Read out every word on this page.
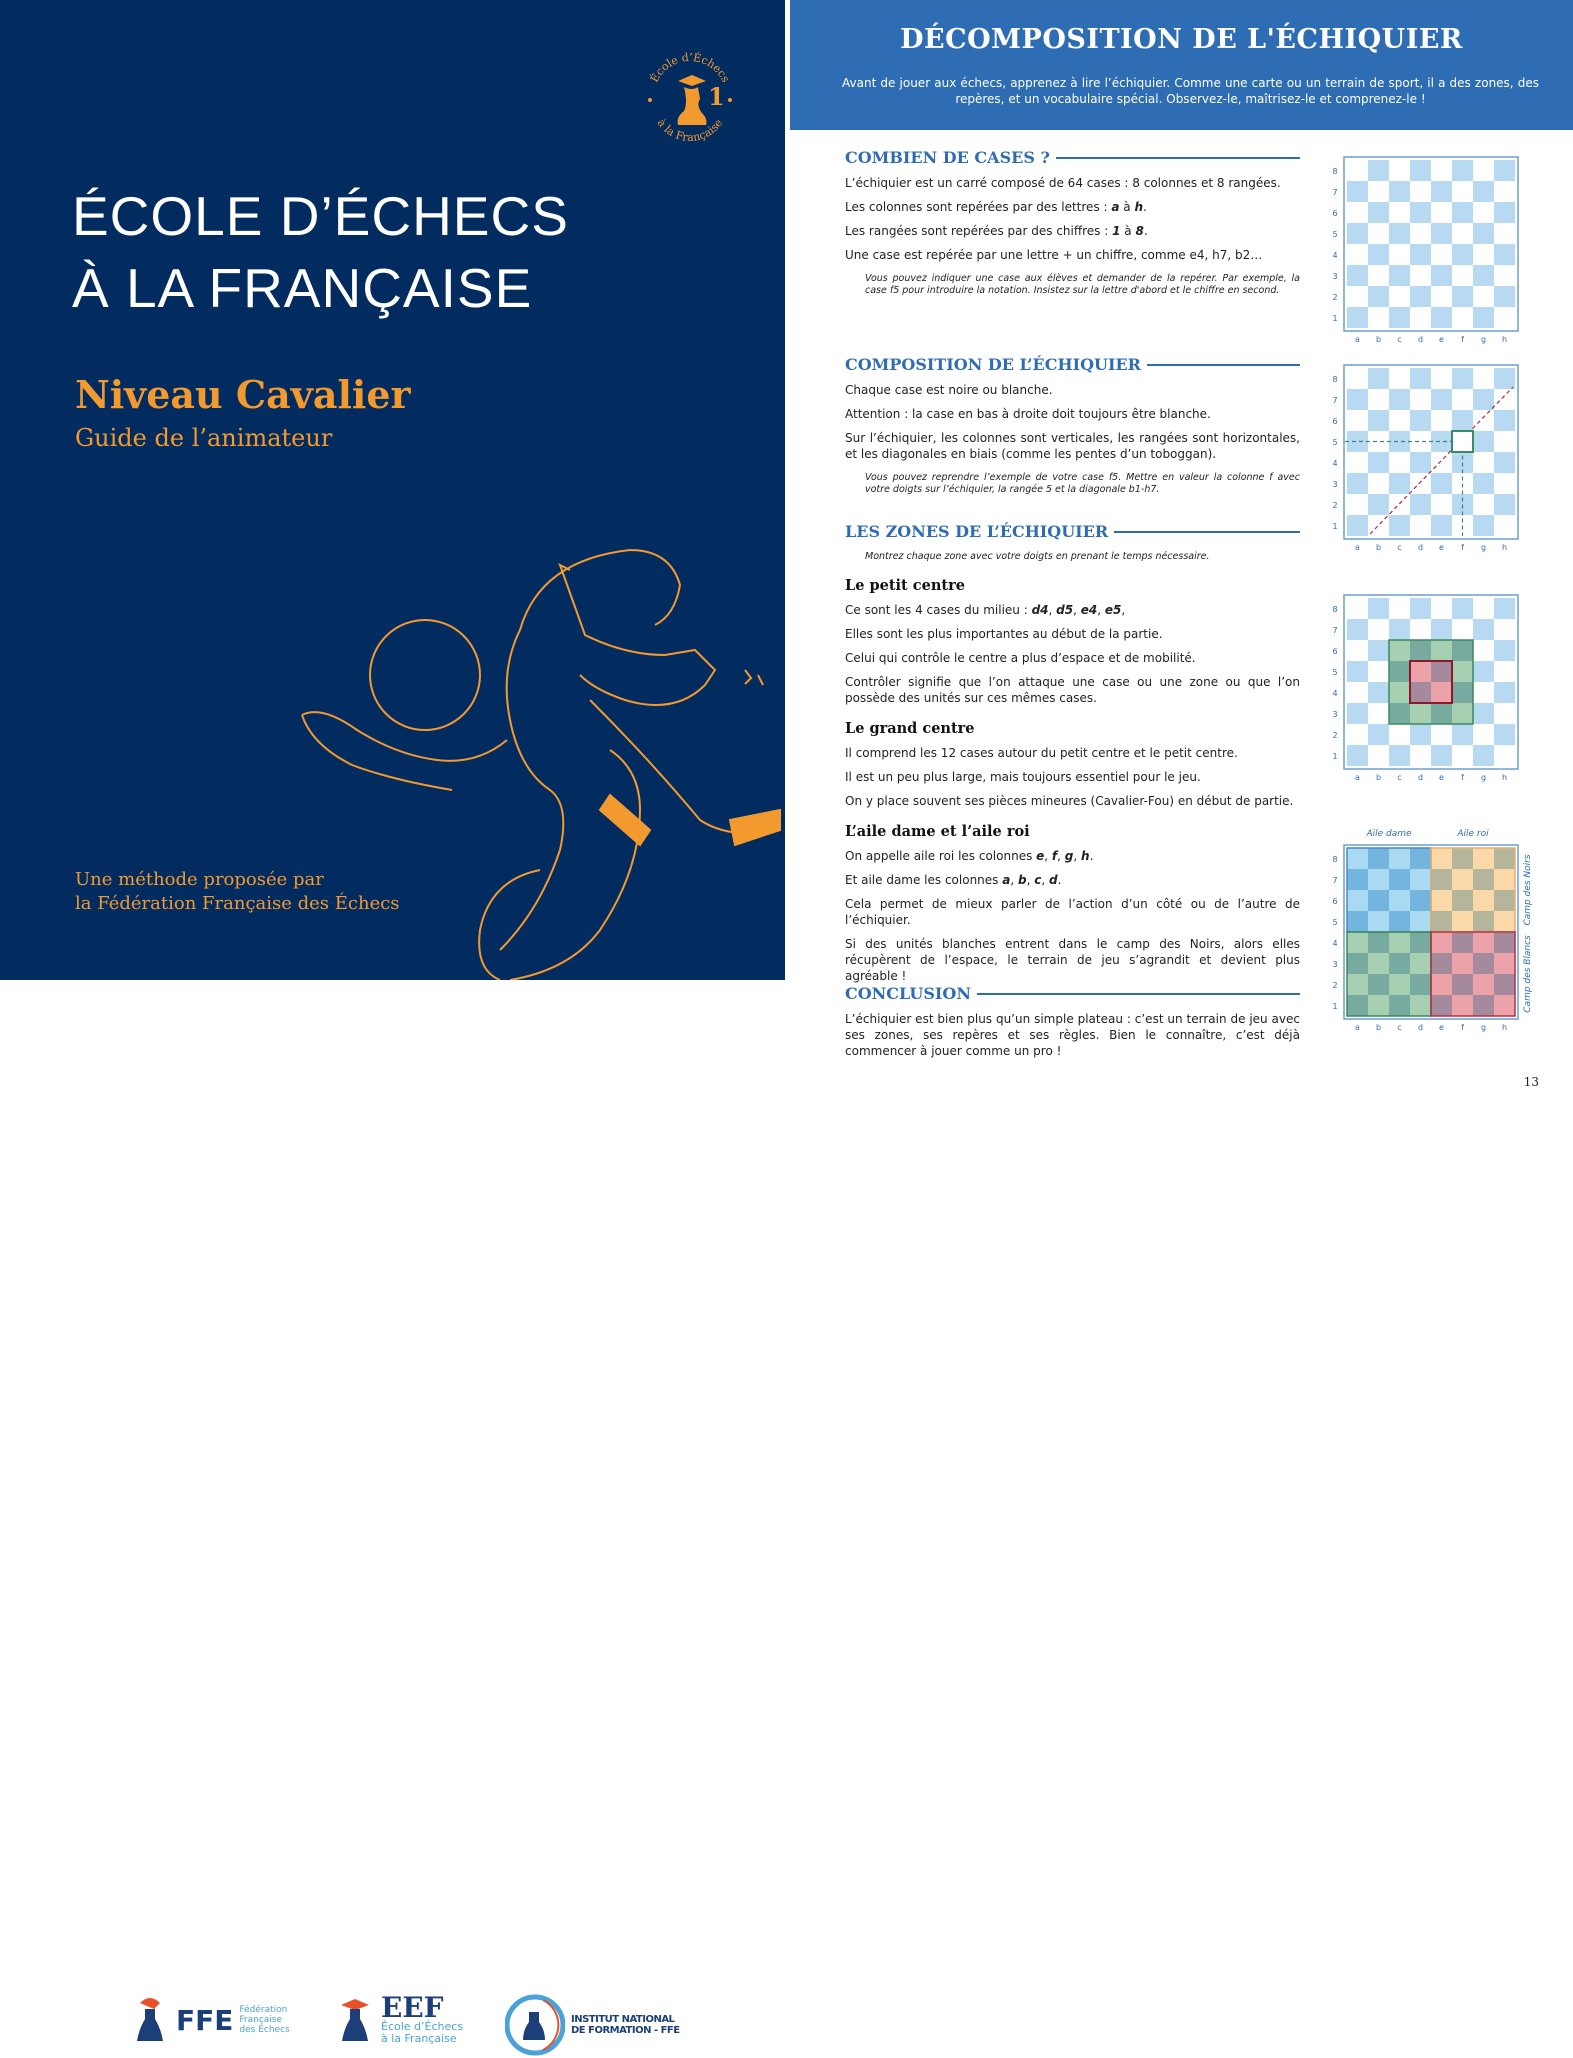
ÉCOLE D’ÉCHECS
À LA FRANÇAISE
Niveau Cavalier
Guide de l’animateur
Une méthode proposée par
la Fédération Française des Échecs
École d’Échecs
à la Française
1
FFE Fédération
Française
des Échecs
EEF
École d’Échecs
à la Française
INSTITUT NATIONAL
DE FORMATION - FFE
DÉCOMPOSITION DE L'ÉCHIQUIER

Avant de jouer aux échecs, apprenez à lire l’échiquier. Comme une carte ou un terrain de sport, il a des zones, des repères, et un vocabulaire spécial. Observez-le, maîtrisez-le et comprenez-le !

COMBIEN DE CASES ?
L’échiquier est un carré composé de 64 cases : 8 colonnes et 8 rangées.
Les colonnes sont repérées par des lettres : a à h.
Les rangées sont repérées par des chiffres : 1 à 8.
Une case est repérée par une lettre + un chiffre, comme e4, h7, b2…
Vous pouvez indiquer une case aux élèves et demander de la repérer. Par exemple, la case f5 pour introduire la notation. Insistez sur la lettre d'abord et le chiffre en second.
COMPOSITION DE L’ÉCHIQUIER
Chaque case est noire ou blanche.
Attention : la case en bas à droite doit toujours être blanche.
Sur l’échiquier, les colonnes sont verticales, les rangées sont horizontales, et les diagonales en biais (comme les pentes d’un toboggan).
Vous pouvez reprendre l’exemple de votre case f5. Mettre en valeur la colonne f avec votre doigts sur l’échiquier, la rangée 5 et la diagonale b1-h7.
LES ZONES DE L’ÉCHIQUIER
Montrez chaque zone avec votre doigts en prenant le temps nécessaire.
Le petit centre
Ce sont les 4 cases du milieu : d4, d5, e4, e5,
Elles sont les plus importantes au début de la partie.
Celui qui contrôle le centre a plus d’espace et de mobilité.
Contrôler signifie que l’on attaque une case ou une zone ou que l’on possède des unités sur ces mêmes cases.
Le grand centre
Il comprend les 12 cases autour du petit centre et le petit centre.
Il est un peu plus large, mais toujours essentiel pour le jeu.
On y place souvent ses pièces mineures (Cavalier-Fou) en début de partie.
L’aile dame et l’aile roi
On appelle aile roi les colonnes e, f, g, h.
Et aile dame les colonnes a, b, c, d.
Cela permet de mieux parler de l’action d’un côté ou de l’autre de l’échiquier.
Si des unités blanches entrent dans le camp des Noirs, alors elles récupèrent de l’espace, le terrain de jeu s’agrandit et devient plus agréable !
CONCLUSION
L’échiquier est bien plus qu’un simple plateau : c’est un terrain de jeu avec ses zones, ses repères et ses règles. Bien le connaître, c’est déjà commencer à jouer comme un pro !
1
2
3
4
5
6
7
8
a b c d e f g h
1
2
3
4
5
6
7
8
a b c d e f g h
1
2
3
4
5
6
7
8
a b c d e f g h
1
2
3
4
5
6
7
8
a b c d e f g h
Aile dame	Aile roi
Camp des Noirs
Camp des Blancs
13
